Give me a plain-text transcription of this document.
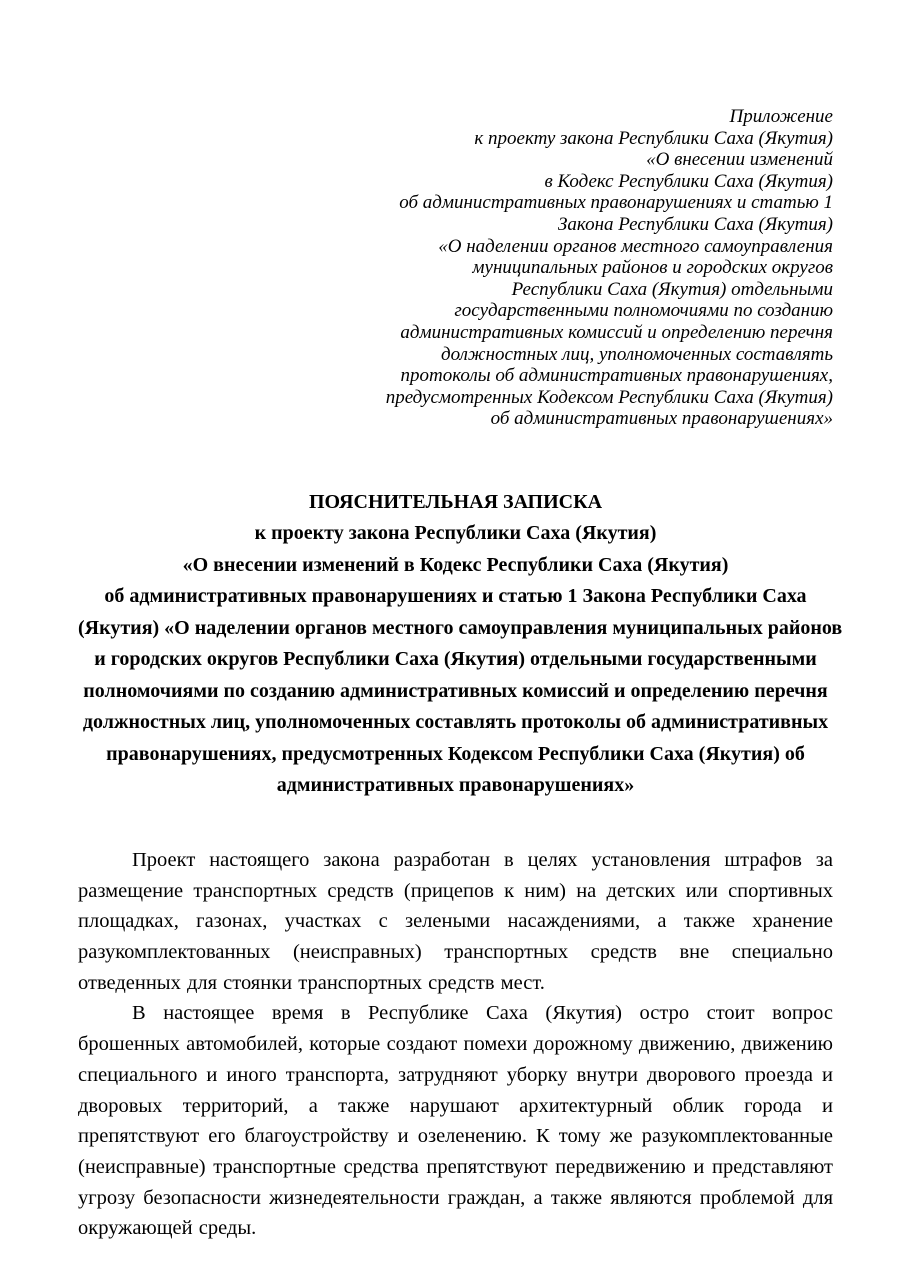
Приложение
к проекту закона Республики Саха (Якутия)
«О внесении изменений
в Кодекс Республики Саха (Якутия)
об административных правонарушениях и статью 1
Закона Республики Саха (Якутия)
«О наделении органов местного самоуправления
муниципальных районов и городских округов
Республики Саха (Якутия) отдельными
государственными полномочиями по созданию
административных комиссий и определению перечня
должностных лиц, уполномоченных составлять
протоколы об административных правонарушениях,
предусмотренных Кодексом Республики Саха (Якутия)
об административных правонарушениях»
ПОЯСНИТЕЛЬНАЯ ЗАПИСКА
к проекту закона Республики Саха (Якутия)
«О внесении изменений в Кодекс Республики Саха (Якутия)
об административных правонарушениях и статью 1 Закона Республики Саха
(Якутия) «О наделении органов местного самоуправления муниципальных районов
и городских округов Республики Саха (Якутия) отдельными государственными
полномочиями по созданию административных комиссий и определению перечня
должностных лиц, уполномоченных составлять протоколы об административных
правонарушениях, предусмотренных Кодексом Республики Саха (Якутия) об
административных правонарушениях»

Проект настоящего закона разработан в целях установления штрафов за размещение транспортных средств (прицепов к ним) на детских или спортивных площадках, газонах, участках с зелеными насаждениями, а также хранение разукомплектованных (неисправных) транспортных средств вне специально отведенных для стоянки транспортных средств мест.

В настоящее время в Республике Саха (Якутия) остро стоит вопрос брошенных автомобилей, которые создают помехи дорожному движению, движению специального и иного транспорта, затрудняют уборку внутри дворового проезда и дворовых территорий, а также нарушают архитектурный облик города и препятствуют его благоустройству и озеленению. К тому же разукомплектованные (неисправные) транспортные средства препятствуют передвижению и представляют угрозу безопасности жизнедеятельности граждан, а также являются проблемой для окружающей среды.
